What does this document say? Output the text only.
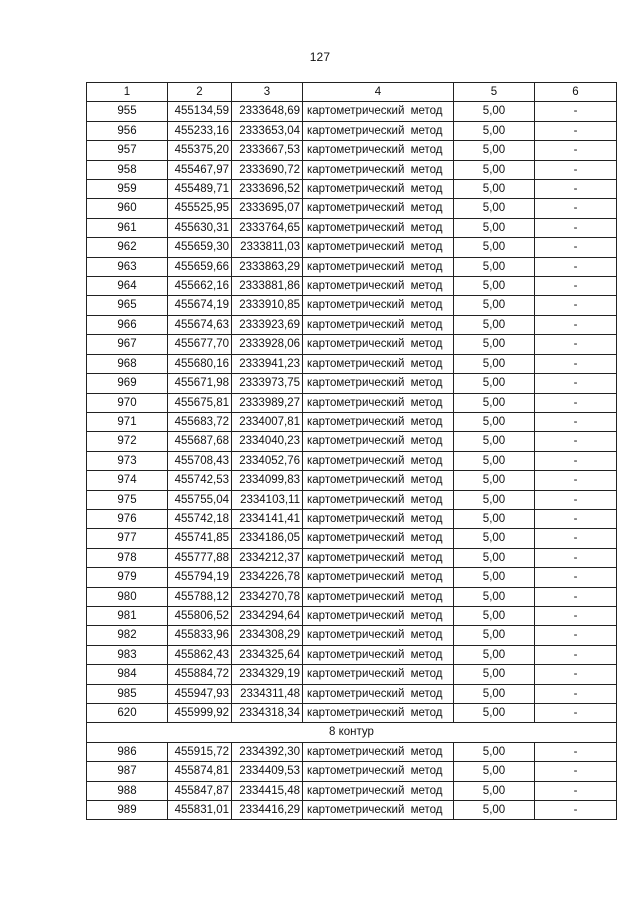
127
1	2	3	4	5	6
955	455134,59	2333648,69	картометрический метод	5,00	-
956	455233,16	2333653,04	картометрический метод	5,00	-
957	455375,20	2333667,53	картометрический метод	5,00	-
958	455467,97	2333690,72	картометрический метод	5,00	-
959	455489,71	2333696,52	картометрический метод	5,00	-
960	455525,95	2333695,07	картометрический метод	5,00	-
961	455630,31	2333764,65	картометрический метод	5,00	-
962	455659,30	2333811,03	картометрический метод	5,00	-
963	455659,66	2333863,29	картометрический метод	5,00	-
964	455662,16	2333881,86	картометрический метод	5,00	-
965	455674,19	2333910,85	картометрический метод	5,00	-
966	455674,63	2333923,69	картометрический метод	5,00	-
967	455677,70	2333928,06	картометрический метод	5,00	-
968	455680,16	2333941,23	картометрический метод	5,00	-
969	455671,98	2333973,75	картометрический метод	5,00	-
970	455675,81	2333989,27	картометрический метод	5,00	-
971	455683,72	2334007,81	картометрический метод	5,00	-
972	455687,68	2334040,23	картометрический метод	5,00	-
973	455708,43	2334052,76	картометрический метод	5,00	-
974	455742,53	2334099,83	картометрический метод	5,00	-
975	455755,04	2334103,11	картометрический метод	5,00	-
976	455742,18	2334141,41	картометрический метод	5,00	-
977	455741,85	2334186,05	картометрический метод	5,00	-
978	455777,88	2334212,37	картометрический метод	5,00	-
979	455794,19	2334226,78	картометрический метод	5,00	-
980	455788,12	2334270,78	картометрический метод	5,00	-
981	455806,52	2334294,64	картометрический метод	5,00	-
982	455833,96	2334308,29	картометрический метод	5,00	-
983	455862,43	2334325,64	картометрический метод	5,00	-
984	455884,72	2334329,19	картометрический метод	5,00	-
985	455947,93	2334311,48	картометрический метод	5,00	-
620	455999,92	2334318,34	картометрический метод	5,00	-
8 контур					
986	455915,72	2334392,30	картометрический метод	5,00	-
987	455874,81	2334409,53	картометрический метод	5,00	-
988	455847,87	2334415,48	картометрический метод	5,00	-
989	455831,01	2334416,29	картометрический метод	5,00	-
